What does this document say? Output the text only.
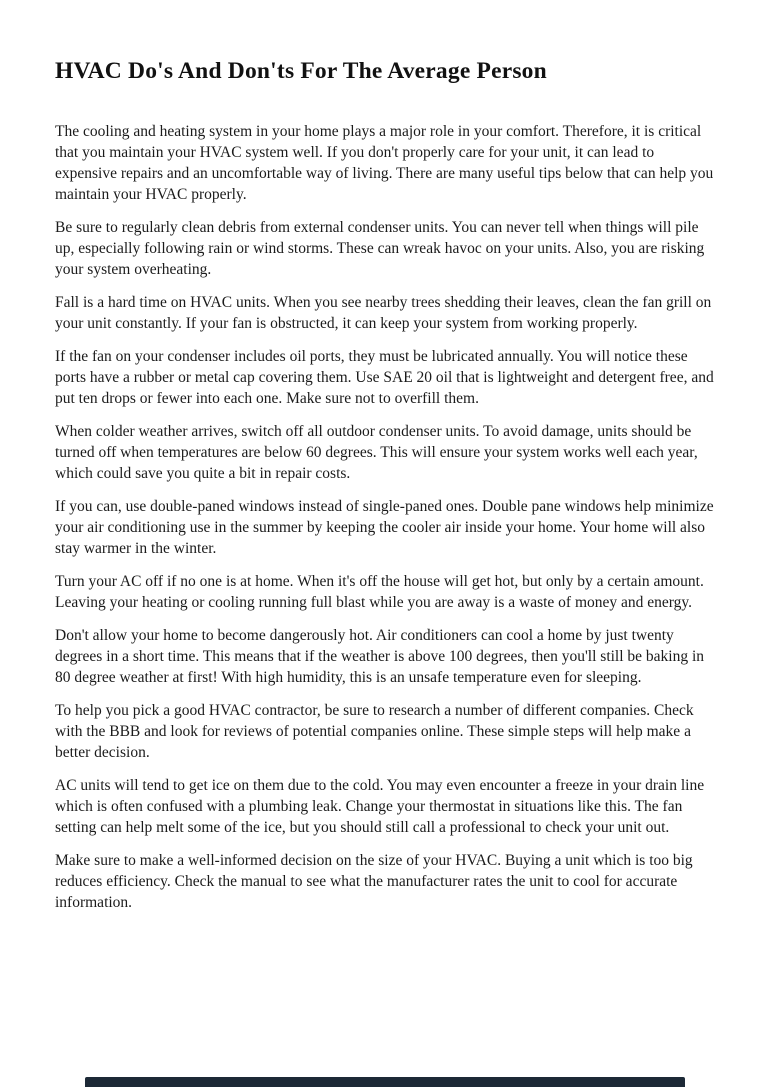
HVAC Do's And Don'ts For The Average Person

The cooling and heating system in your home plays a major role in your comfort. Therefore, it is critical that you maintain your HVAC system well. If you don't properly care for your unit, it can lead to expensive repairs and an uncomfortable way of living. There are many useful tips below that can help you maintain your HVAC properly.

Be sure to regularly clean debris from external condenser units. You can never tell when things will pile up, especially following rain or wind storms. These can wreak havoc on your units. Also, you are risking your system overheating.

Fall is a hard time on HVAC units. When you see nearby trees shedding their leaves, clean the fan grill on your unit constantly. If your fan is obstructed, it can keep your system from working properly.

If the fan on your condenser includes oil ports, they must be lubricated annually. You will notice these ports have a rubber or metal cap covering them. Use SAE 20 oil that is lightweight and detergent free, and put ten drops or fewer into each one. Make sure not to overfill them.

When colder weather arrives, switch off all outdoor condenser units. To avoid damage, units should be turned off when temperatures are below 60 degrees. This will ensure your system works well each year, which could save you quite a bit in repair costs.

If you can, use double-paned windows instead of single-paned ones. Double pane windows help minimize your air conditioning use in the summer by keeping the cooler air inside your home. Your home will also stay warmer in the winter.

Turn your AC off if no one is at home. When it's off the house will get hot, but only by a certain amount. Leaving your heating or cooling running full blast while you are away is a waste of money and energy.

Don't allow your home to become dangerously hot. Air conditioners can cool a home by just twenty degrees in a short time. This means that if the weather is above 100 degrees, then you'll still be baking in 80 degree weather at first! With high humidity, this is an unsafe temperature even for sleeping.

To help you pick a good HVAC contractor, be sure to research a number of different companies. Check with the BBB and look for reviews of potential companies online. These simple steps will help make a better decision.

AC units will tend to get ice on them due to the cold. You may even encounter a freeze in your drain line which is often confused with a plumbing leak. Change your thermostat in situations like this. The fan setting can help melt some of the ice, but you should still call a professional to check your unit out.

Make sure to make a well-informed decision on the size of your HVAC. Buying a unit which is too big reduces efficiency. Check the manual to see what the manufacturer rates the unit to cool for accurate information.
